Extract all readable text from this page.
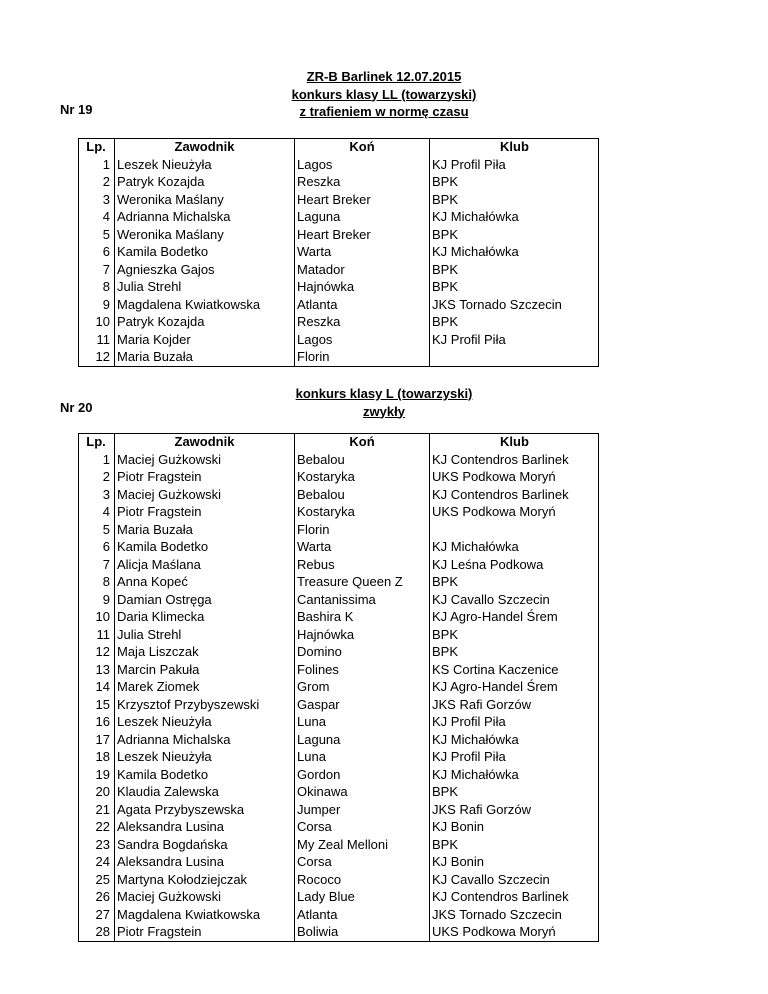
ZR-B Barlinek 12.07.2015
konkurs klasy LL (towarzyski)
z trafieniem w normę czasu
Nr 19
Lp.	Zawodnik	Koń	Klub
1	Leszek Nieużyła	Lagos	KJ Profil Piła
2	Patryk Kozajda	Reszka	BPK
3	Weronika Maślany	Heart Breker	BPK
4	Adrianna Michalska	Laguna	KJ Michałówka
5	Weronika Maślany	Heart Breker	BPK
6	Kamila Bodetko	Warta	KJ Michałówka
7	Agnieszka Gajos	Matador	BPK
8	Julia Strehl	Hajnówka	BPK
9	Magdalena Kwiatkowska	Atlanta	JKS Tornado Szczecin
10	Patryk Kozajda	Reszka	BPK
11	Maria Kojder	Lagos	KJ Profil Piła
12	Maria Buzała	Florin	
konkurs klasy L (towarzyski)
zwykły
Nr 20
Lp.	Zawodnik	Koń	Klub
1	Maciej Gużkowski	Bebalou	KJ Contendros Barlinek
2	Piotr Fragstein	Kostaryka	UKS Podkowa Moryń
3	Maciej Gużkowski	Bebalou	KJ Contendros Barlinek
4	Piotr Fragstein	Kostaryka	UKS Podkowa Moryń
5	Maria Buzała	Florin	
6	Kamila Bodetko	Warta	KJ Michałówka
7	Alicja Maślana	Rebus	KJ Leśna Podkowa
8	Anna Kopeć	Treasure Queen Z	BPK
9	Damian Ostręga	Cantanissima	KJ Cavallo Szczecin
10	Daria Klimecka	Bashira K	KJ Agro-Handel Śrem
11	Julia Strehl	Hajnówka	BPK
12	Maja Liszczak	Domino	BPK
13	Marcin Pakuła	Folines	KS Cortina Kaczenice
14	Marek Ziomek	Grom	KJ Agro-Handel Śrem
15	Krzysztof Przybyszewski	Gaspar	JKS Rafi Gorzów
16	Leszek Nieużyła	Luna	KJ Profil Piła
17	Adrianna Michalska	Laguna	KJ Michałówka
18	Leszek Nieużyła	Luna	KJ Profil Piła
19	Kamila Bodetko	Gordon	KJ Michałówka
20	Klaudia Zalewska	Okinawa	BPK
21	Agata Przybyszewska	Jumper	JKS Rafi Gorzów
22	Aleksandra Lusina	Corsa	KJ Bonin
23	Sandra Bogdańska	My Zeal Melloni	BPK
24	Aleksandra Lusina	Corsa	KJ Bonin
25	Martyna Kołodziejczak	Rococo	KJ Cavallo Szczecin
26	Maciej Gużkowski	Lady Blue	KJ Contendros Barlinek
27	Magdalena Kwiatkowska	Atlanta	JKS Tornado Szczecin
28	Piotr Fragstein	Boliwia	UKS Podkowa Moryń
